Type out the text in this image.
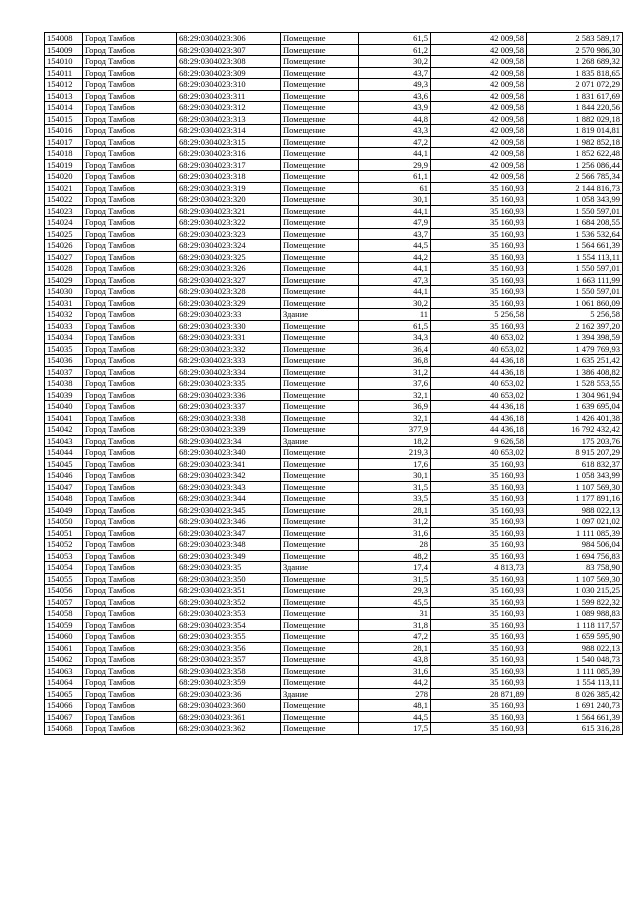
154008	Город Тамбов	68:29:0304023:306	Помещение	61,5	42 009,58	2 583 589,17
154009	Город Тамбов	68:29:0304023:307	Помещение	61,2	42 009,58	2 570 986,30
154010	Город Тамбов	68:29:0304023:308	Помещение	30,2	42 009,58	1 268 689,32
154011	Город Тамбов	68:29:0304023:309	Помещение	43,7	42 009,58	1 835 818,65
154012	Город Тамбов	68:29:0304023:310	Помещение	49,3	42 009,58	2 071 072,29
154013	Город Тамбов	68:29:0304023:311	Помещение	43,6	42 009,58	1 831 617,69
154014	Город Тамбов	68:29:0304023:312	Помещение	43,9	42 009,58	1 844 220,56
154015	Город Тамбов	68:29:0304023:313	Помещение	44,8	42 009,58	1 882 029,18
154016	Город Тамбов	68:29:0304023:314	Помещение	43,3	42 009,58	1 819 014,81
154017	Город Тамбов	68:29:0304023:315	Помещение	47,2	42 009,58	1 982 852,18
154018	Город Тамбов	68:29:0304023:316	Помещение	44,1	42 009,58	1 852 622,48
154019	Город Тамбов	68:29:0304023:317	Помещение	29,9	42 009,58	1 256 086,44
154020	Город Тамбов	68:29:0304023:318	Помещение	61,1	42 009,58	2 566 785,34
154021	Город Тамбов	68:29:0304023:319	Помещение	61	35 160,93	2 144 816,73
154022	Город Тамбов	68:29:0304023:320	Помещение	30,1	35 160,93	1 058 343,99
154023	Город Тамбов	68:29:0304023:321	Помещение	44,1	35 160,93	1 550 597,01
154024	Город Тамбов	68:29:0304023:322	Помещение	47,9	35 160,93	1 684 208,55
154025	Город Тамбов	68:29:0304023:323	Помещение	43,7	35 160,93	1 536 532,64
154026	Город Тамбов	68:29:0304023:324	Помещение	44,5	35 160,93	1 564 661,39
154027	Город Тамбов	68:29:0304023:325	Помещение	44,2	35 160,93	1 554 113,11
154028	Город Тамбов	68:29:0304023:326	Помещение	44,1	35 160,93	1 550 597,01
154029	Город Тамбов	68:29:0304023:327	Помещение	47,3	35 160,93	1 663 111,99
154030	Город Тамбов	68:29:0304023:328	Помещение	44,1	35 160,93	1 550 597,01
154031	Город Тамбов	68:29:0304023:329	Помещение	30,2	35 160,93	1 061 860,09
154032	Город Тамбов	68:29:0304023:33	Здание	11	5 256,58	5 256,58
154033	Город Тамбов	68:29:0304023:330	Помещение	61,5	35 160,93	2 162 397,20
154034	Город Тамбов	68:29:0304023:331	Помещение	34,3	40 653,02	1 394 398,59
154035	Город Тамбов	68:29:0304023:332	Помещение	36,4	40 653,02	1 479 769,93
154036	Город Тамбов	68:29:0304023:333	Помещение	36,8	44 436,18	1 635 251,42
154037	Город Тамбов	68:29:0304023:334	Помещение	31,2	44 436,18	1 386 408,82
154038	Город Тамбов	68:29:0304023:335	Помещение	37,6	40 653,02	1 528 553,55
154039	Город Тамбов	68:29:0304023:336	Помещение	32,1	40 653,02	1 304 961,94
154040	Город Тамбов	68:29:0304023:337	Помещение	36,9	44 436,18	1 639 695,04
154041	Город Тамбов	68:29:0304023:338	Помещение	32,1	44 436,18	1 426 401,38
154042	Город Тамбов	68:29:0304023:339	Помещение	377,9	44 436,18	16 792 432,42
154043	Город Тамбов	68:29:0304023:34	Здание	18,2	9 626,58	175 203,76
154044	Город Тамбов	68:29:0304023:340	Помещение	219,3	40 653,02	8 915 207,29
154045	Город Тамбов	68:29:0304023:341	Помещение	17,6	35 160,93	618 832,37
154046	Город Тамбов	68:29:0304023:342	Помещение	30,1	35 160,93	1 058 343,99
154047	Город Тамбов	68:29:0304023:343	Помещение	31,5	35 160,93	1 107 569,30
154048	Город Тамбов	68:29:0304023:344	Помещение	33,5	35 160,93	1 177 891,16
154049	Город Тамбов	68:29:0304023:345	Помещение	28,1	35 160,93	988 022,13
154050	Город Тамбов	68:29:0304023:346	Помещение	31,2	35 160,93	1 097 021,02
154051	Город Тамбов	68:29:0304023:347	Помещение	31,6	35 160,93	1 111 085,39
154052	Город Тамбов	68:29:0304023:348	Помещение	28	35 160,93	984 506,04
154053	Город Тамбов	68:29:0304023:349	Помещение	48,2	35 160,93	1 694 756,83
154054	Город Тамбов	68:29:0304023:35	Здание	17,4	4 813,73	83 758,90
154055	Город Тамбов	68:29:0304023:350	Помещение	31,5	35 160,93	1 107 569,30
154056	Город Тамбов	68:29:0304023:351	Помещение	29,3	35 160,93	1 030 215,25
154057	Город Тамбов	68:29:0304023:352	Помещение	45,5	35 160,93	1 599 822,32
154058	Город Тамбов	68:29:0304023:353	Помещение	31	35 160,93	1 089 988,83
154059	Город Тамбов	68:29:0304023:354	Помещение	31,8	35 160,93	1 118 117,57
154060	Город Тамбов	68:29:0304023:355	Помещение	47,2	35 160,93	1 659 595,90
154061	Город Тамбов	68:29:0304023:356	Помещение	28,1	35 160,93	988 022,13
154062	Город Тамбов	68:29:0304023:357	Помещение	43,8	35 160,93	1 540 048,73
154063	Город Тамбов	68:29:0304023:358	Помещение	31,6	35 160,93	1 111 085,39
154064	Город Тамбов	68:29:0304023:359	Помещение	44,2	35 160,93	1 554 113,11
154065	Город Тамбов	68:29:0304023:36	Здание	278	28 871,89	8 026 385,42
154066	Город Тамбов	68:29:0304023:360	Помещение	48,1	35 160,93	1 691 240,73
154067	Город Тамбов	68:29:0304023:361	Помещение	44,5	35 160,93	1 564 661,39
154068	Город Тамбов	68:29:0304023:362	Помещение	17,5	35 160,93	615 316,28
